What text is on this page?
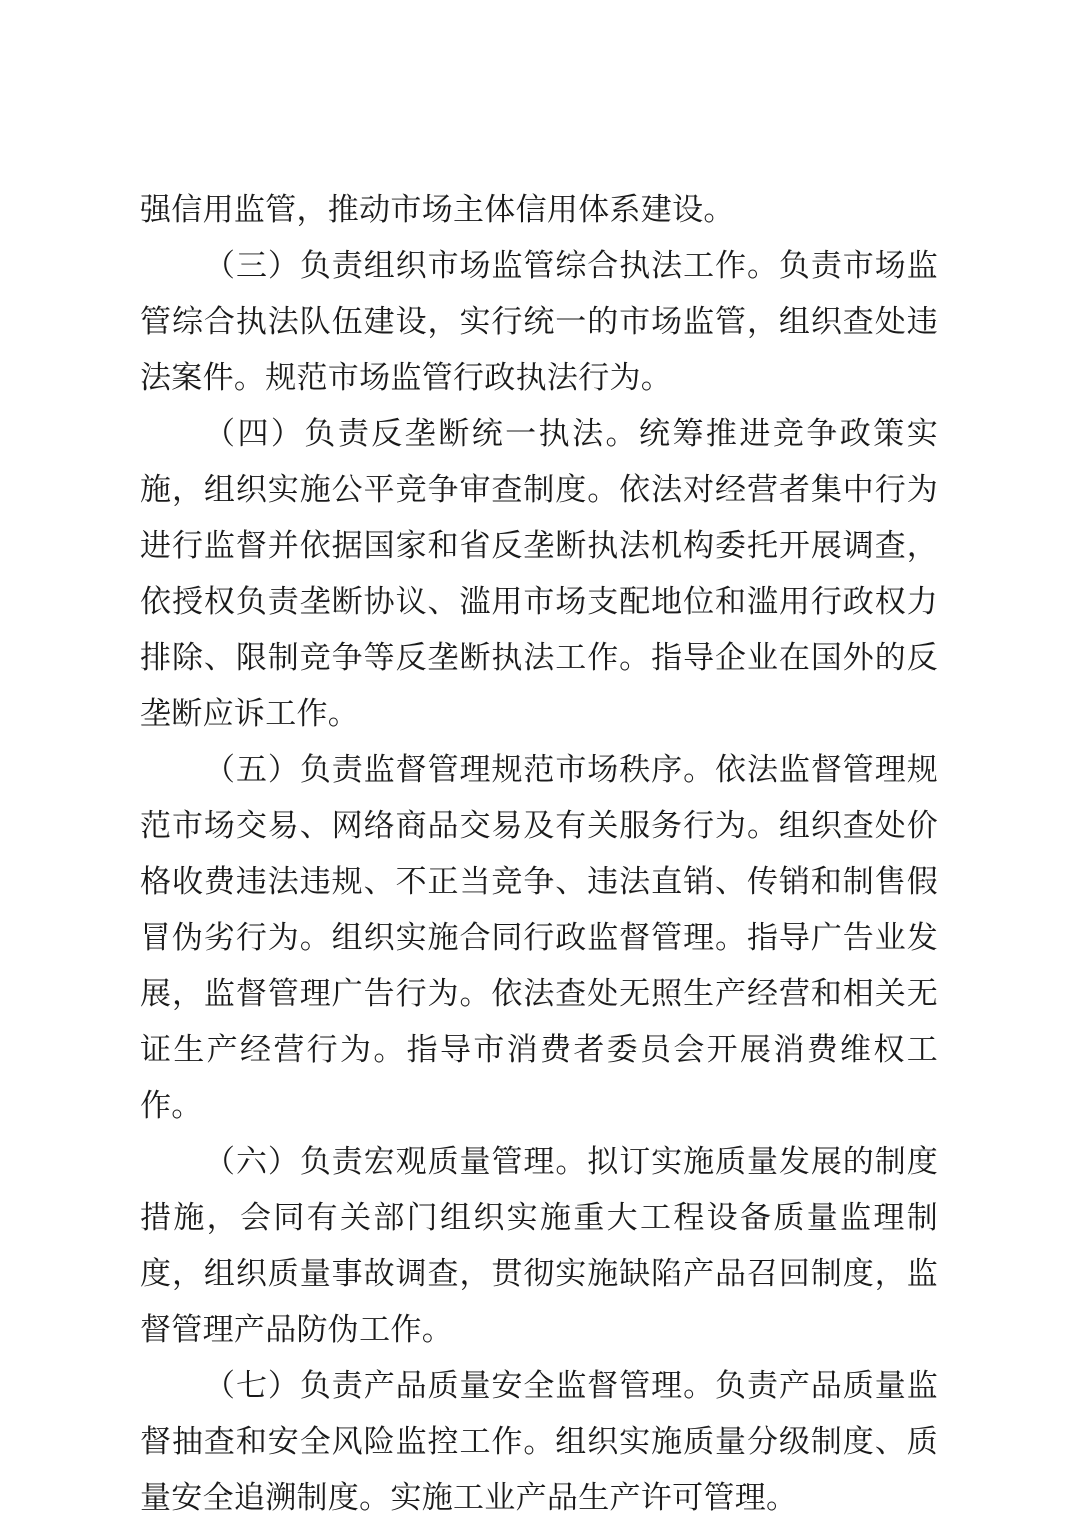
强信用监管，推动市场主体信用体系建设。

（三）负责组织市场监管综合执法工作。负责市场监管综合执法队伍建设，实行统一的市场监管，组织查处违法案件。规范市场监管行政执法行为。

（四）负责反垄断统一执法。统筹推进竞争政策实施，组织实施公平竞争审查制度。依法对经营者集中行为进行监督并依据国家和省反垄断执法机构委托开展调查，依授权负责垄断协议、滥用市场支配地位和滥用行政权力排除、限制竞争等反垄断执法工作。指导企业在国外的反垄断应诉工作。

（五）负责监督管理规范市场秩序。依法监督管理规范市场交易、网络商品交易及有关服务行为。组织查处价格收费违法违规、不正当竞争、违法直销、传销和制售假冒伪劣行为。组织实施合同行政监督管理。指导广告业发展，监督管理广告行为。依法查处无照生产经营和相关无证生产经营行为。指导市消费者委员会开展消费维权工作。

（六）负责宏观质量管理。拟订实施质量发展的制度措施，会同有关部门组织实施重大工程设备质量监理制度，组织质量事故调查，贯彻实施缺陷产品召回制度，监督管理产品防伪工作。

（七）负责产品质量安全监督管理。负责产品质量监督抽查和安全风险监控工作。组织实施质量分级制度、质量安全追溯制度。实施工业产品生产许可管理。
